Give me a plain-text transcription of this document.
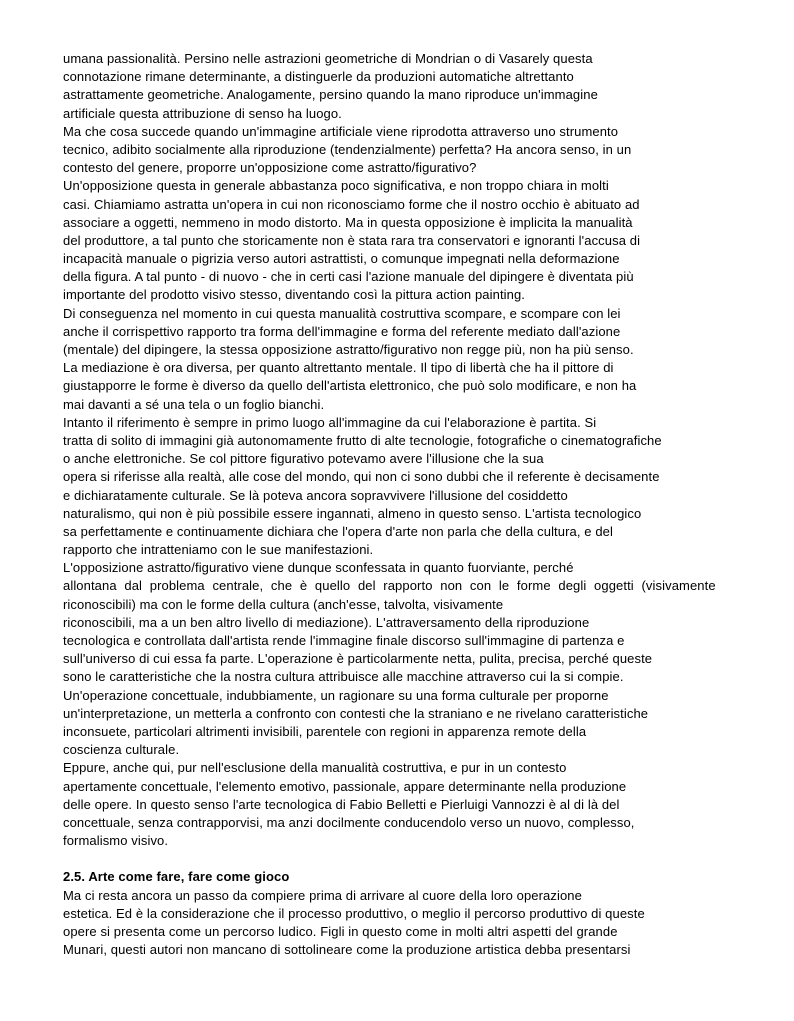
umana passionalità. Persino nelle astrazioni geometriche di Mondrian o di Vasarely questa
connotazione rimane determinante, a distinguerle da produzioni automatiche altrettanto
astrattamente geometriche. Analogamente, persino quando la mano riproduce un'immagine
artificiale questa attribuzione di senso ha luogo.
Ma che cosa succede quando un'immagine artificiale viene riprodotta attraverso uno strumento
tecnico, adibito socialmente alla riproduzione (tendenzialmente) perfetta? Ha ancora senso, in un
contesto del genere, proporre un'opposizione come astratto/figurativo?
Un'opposizione questa in generale abbastanza poco significativa, e non troppo chiara in molti
casi. Chiamiamo astratta un'opera in cui non riconosciamo forme che il nostro occhio è abituato ad
associare a oggetti, nemmeno in modo distorto. Ma in questa opposizione è implicita la manualità
del produttore, a tal punto che storicamente non è stata rara tra conservatori e ignoranti l'accusa di
incapacità manuale o pigrizia verso autori astrattisti, o comunque impegnati nella deformazione
della figura. A tal punto - di nuovo - che in certi casi l'azione manuale del dipingere è diventata più
importante del prodotto visivo stesso, diventando così la pittura action painting.
Di conseguenza nel momento in cui questa manualità costruttiva scompare, e scompare con lei
anche il corrispettivo rapporto tra forma dell'immagine e forma del referente mediato dall'azione
(mentale) del dipingere, la stessa opposizione astratto/figurativo non regge più, non ha più senso.
La mediazione è ora diversa, per quanto altrettanto mentale. Il tipo di libertà che ha il pittore di
giustapporre le forme è diverso da quello dell'artista elettronico, che può solo modificare, e non ha
mai davanti a sé una tela o un foglio bianchi.
Intanto il riferimento è sempre in primo luogo all'immagine da cui l'elaborazione è partita. Si
tratta di solito di immagini già autonomamente frutto di alte tecnologie, fotografiche o cinematografiche
o anche elettroniche. Se col pittore figurativo potevamo avere l'illusione che la sua
opera si riferisse alla realtà, alle cose del mondo, qui non ci sono dubbi che il referente è decisamente
e dichiaratamente culturale. Se là poteva ancora sopravvivere l'illusione del cosiddetto
naturalismo, qui non è più possibile essere ingannati, almeno in questo senso. L'artista tecnologico
sa perfettamente e continuamente dichiara che l'opera d'arte non parla che della cultura, e del
rapporto che intratteniamo con le sue manifestazioni.
L'opposizione astratto/figurativo viene dunque sconfessata in quanto fuorviante, perché
allontana dal problema centrale, che è quello del rapporto non con le forme degli oggetti (visivamente
riconoscibili) ma con le forme della cultura (anch'esse, talvolta, visivamente
riconoscibili, ma a un ben altro livello di mediazione). L'attraversamento della riproduzione
tecnologica e controllata dall'artista rende l'immagine finale discorso sull'immagine di partenza e
sull'universo di cui essa fa parte. L'operazione è particolarmente netta, pulita, precisa, perché queste
sono le caratteristiche che la nostra cultura attribuisce alle macchine attraverso cui la si compie.
Un'operazione concettuale, indubbiamente, un ragionare su una forma culturale per proporne
un'interpretazione, un metterla a confronto con contesti che la straniano e ne rivelano caratteristiche
inconsuete, particolari altrimenti invisibili, parentele con regioni in apparenza remote della
coscienza culturale.
Eppure, anche qui, pur nell'esclusione della manualità costruttiva, e pur in un contesto
apertamente concettuale, l'elemento emotivo, passionale, appare determinante nella produzione
delle opere. In questo senso l'arte tecnologica di Fabio Belletti e Pierluigi Vannozzi è al di là del
concettuale, senza contrapporvisi, ma anzi docilmente conducendolo verso un nuovo, complesso,
formalismo visivo.

2.5. Arte come fare, fare come gioco
Ma ci resta ancora un passo da compiere prima di arrivare al cuore della loro operazione
estetica. Ed è la considerazione che il processo produttivo, o meglio il percorso produttivo di queste
opere si presenta come un percorso ludico. Figli in questo come in molti altri aspetti del grande
Munari, questi autori non mancano di sottolineare come la produzione artistica debba presentarsi
